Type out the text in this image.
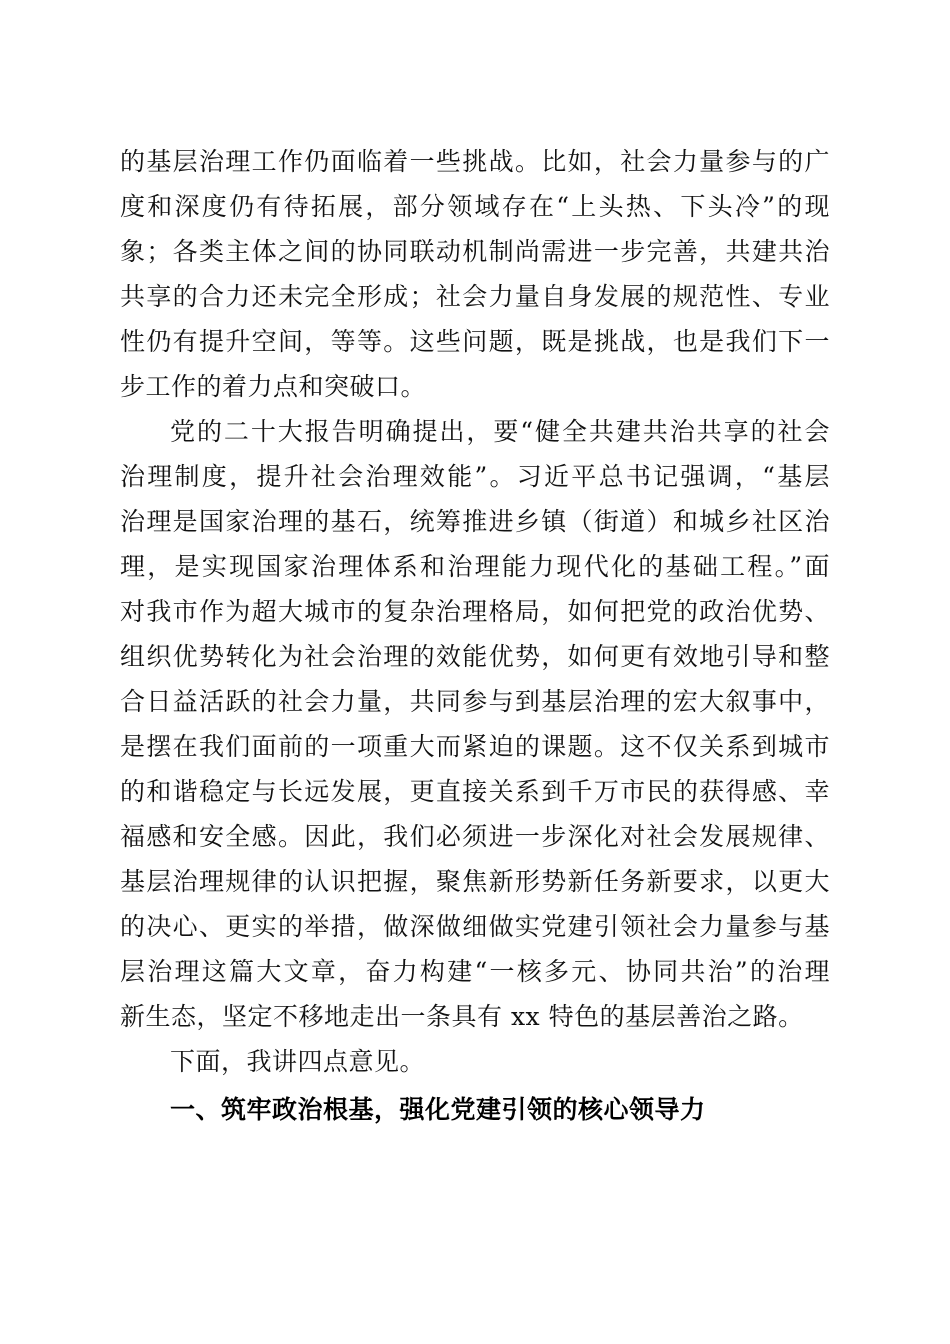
的基层治理工作仍面临着一些挑战。比如，社会力量参与的广
度和深度仍有待拓展，部分领域存在“上头热、下头冷”的现
象；各类主体之间的协同联动机制尚需进一步完善，共建共治
共享的合力还未完全形成；社会力量自身发展的规范性、专业
性仍有提升空间，等等。这些问题，既是挑战，也是我们下一
步工作的着力点和突破口。
党的二十大报告明确提出，要“健全共建共治共享的社会
治理制度，提升社会治理效能”。习近平总书记强调，“基层
治理是国家治理的基石，统筹推进乡镇（街道）和城乡社区治
理，是实现国家治理体系和治理能力现代化的基础工程。”面
对我市作为超大城市的复杂治理格局，如何把党的政治优势、
组织优势转化为社会治理的效能优势，如何更有效地引导和整
合日益活跃的社会力量，共同参与到基层治理的宏大叙事中，
是摆在我们面前的一项重大而紧迫的课题。这不仅关系到城市
的和谐稳定与长远发展，更直接关系到千万市民的获得感、幸
福感和安全感。因此，我们必须进一步深化对社会发展规律、
基层治理规律的认识把握，聚焦新形势新任务新要求，以更大
的决心、更实的举措，做深做细做实党建引领社会力量参与基
层治理这篇大文章，奋力构建“一核多元、协同共治”的治理
新生态，坚定不移地走出一条具有 xx 特色的基层善治之路。
下面，我讲四点意见。
一、筑牢政治根基，强化党建引领的核心领导力
